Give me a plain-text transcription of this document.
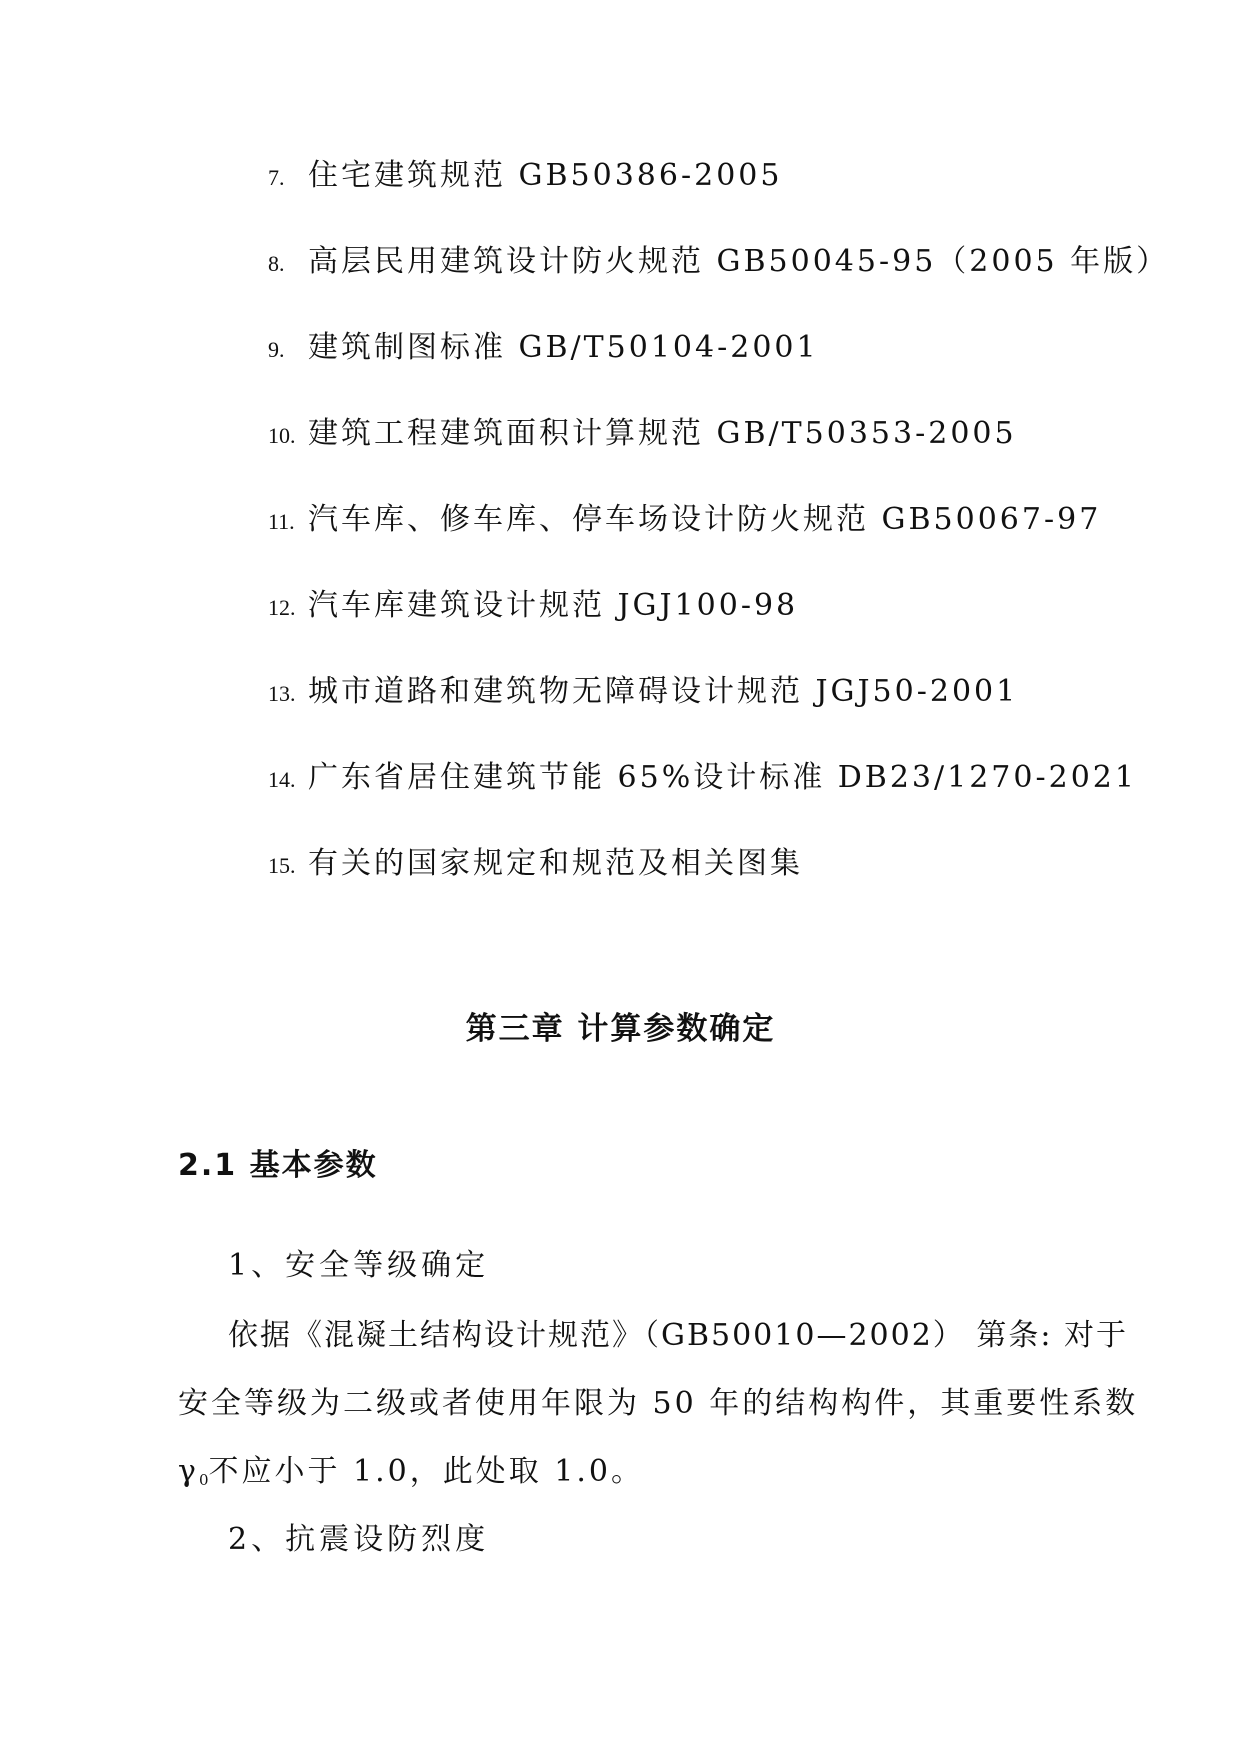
7. 住宅建筑规范 GB50386-2005
8. 高层民用建筑设计防火规范 GB50045-95（2005 年版）
9. 建筑制图标准 GB/T50104-2001
10. 建筑工程建筑面积计算规范 GB/T50353-2005
11. 汽车库、修车库、停车场设计防火规范 GB50067-97
12. 汽车库建筑设计规范 JGJ100-98
13. 城市道路和建筑物无障碍设计规范 JGJ50-2001
14. 广东省居住建筑节能 65%设计标准 DB23/1270-2021
15. 有关的国家规定和规范及相关图集
第三章 计算参数确定
2.1 基本参数
1、安全等级确定
依据《混凝土结构设计规范》（GB50010—2002） 第条: 对于
安全等级为二级或者使用年限为 50 年的结构构件，其重要性系数
$\gamma_0$不应小于 1.0，此处取 1.0。
2、抗震设防烈度
